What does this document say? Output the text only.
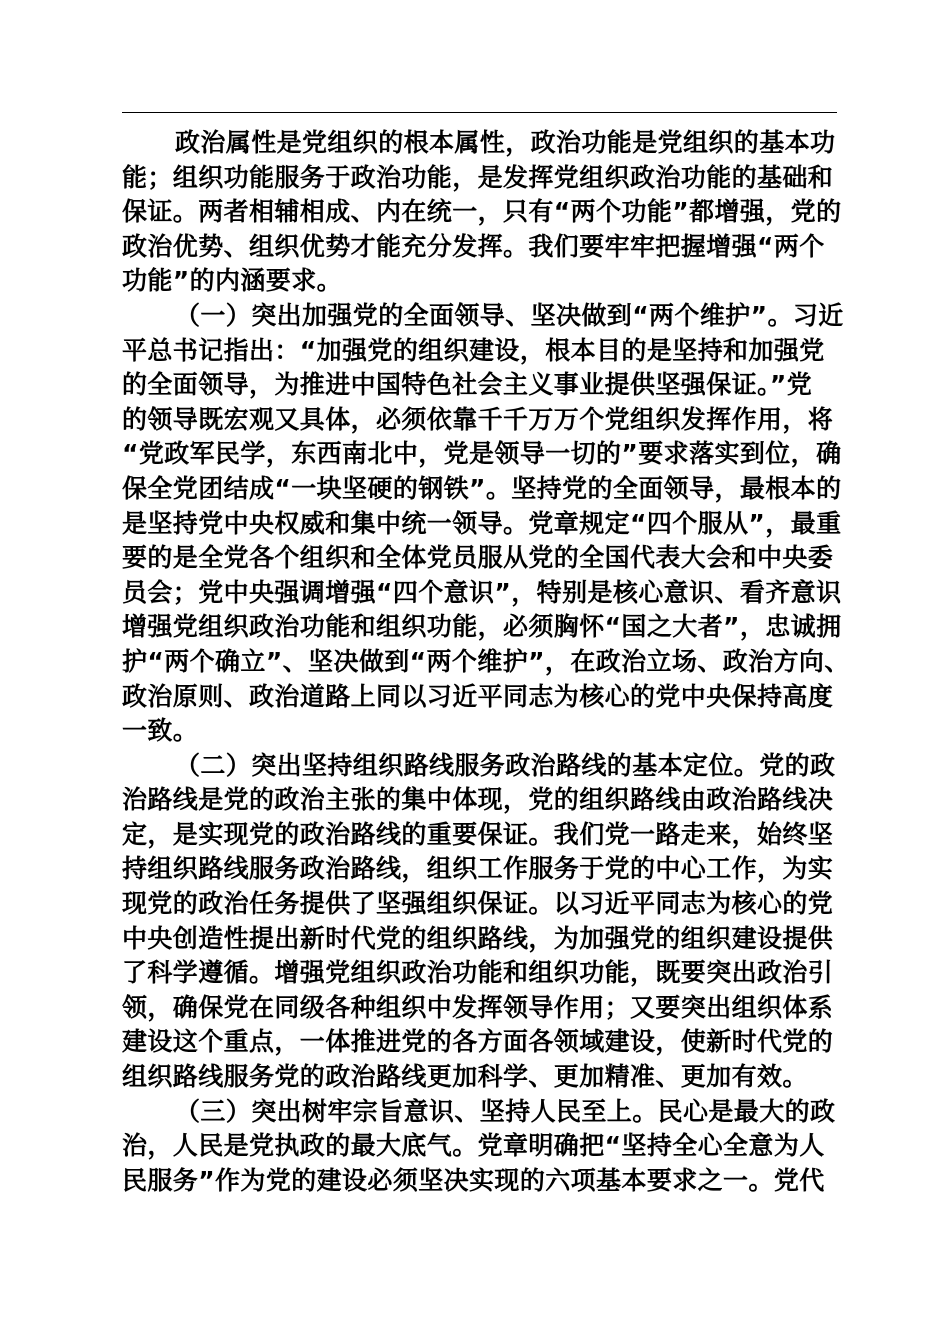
政治属性是党组织的根本属性，政治功能是党组织的基本功
能；组织功能服务于政治功能，是发挥党组织政治功能的基础和
保证。两者相辅相成、内在统一，只有“两个功能”都增强，党的
政治优势、组织优势才能充分发挥。我们要牢牢把握增强“两个
功能”的内涵要求。
（一）突出加强党的全面领导、坚决做到“两个维护”。习近
平总书记指出：“加强党的组织建设，根本目的是坚持和加强党
的全面领导，为推进中国特色社会主义事业提供坚强保证。”党
的领导既宏观又具体，必须依靠千千万万个党组织发挥作用，将
“党政军民学，东西南北中，党是领导一切的”要求落实到位，确
保全党团结成“一块坚硬的钢铁”。坚持党的全面领导，最根本的
是坚持党中央权威和集中统一领导。党章规定“四个服从”，最重
要的是全党各个组织和全体党员服从党的全国代表大会和中央委
员会；党中央强调增强“四个意识”，特别是核心意识、看齐意识
增强党组织政治功能和组织功能，必须胸怀“国之大者”，忠诚拥
护“两个确立”、坚决做到“两个维护”，在政治立场、政治方向、
政治原则、政治道路上同以习近平同志为核心的党中央保持高度
一致。
（二）突出坚持组织路线服务政治路线的基本定位。党的政
治路线是党的政治主张的集中体现，党的组织路线由政治路线决
定，是实现党的政治路线的重要保证。我们党一路走来，始终坚
持组织路线服务政治路线，组织工作服务于党的中心工作，为实
现党的政治任务提供了坚强组织保证。以习近平同志为核心的党
中央创造性提出新时代党的组织路线，为加强党的组织建设提供
了科学遵循。增强党组织政治功能和组织功能，既要突出政治引
领，确保党在同级各种组织中发挥领导作用；又要突出组织体系
建设这个重点，一体推进党的各方面各领域建设，使新时代党的
组织路线服务党的政治路线更加科学、更加精准、更加有效。
（三）突出树牢宗旨意识、坚持人民至上。民心是最大的政
治，人民是党执政的最大底气。党章明确把“坚持全心全意为人
民服务”作为党的建设必须坚决实现的六项基本要求之一。党代
